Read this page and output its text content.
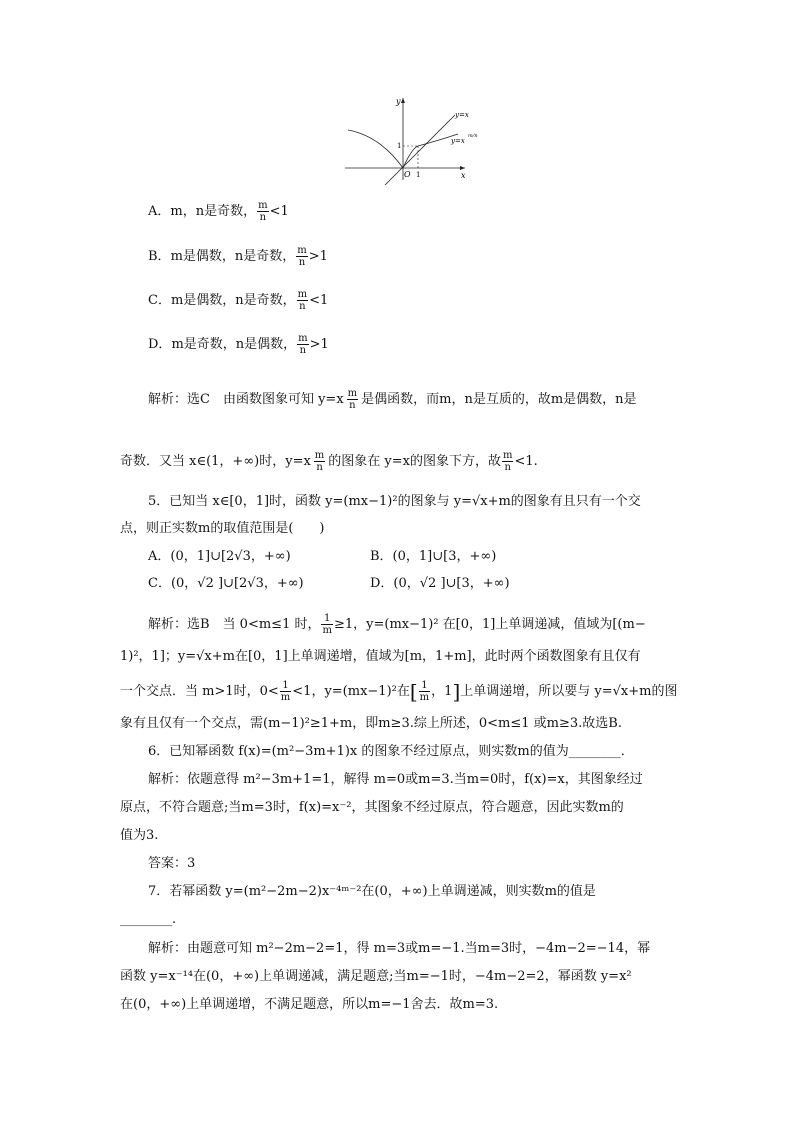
y
x
O 1
1
y=x
y=x
m/n
A．m，n是奇数， $\frac{m}{n} <1$
B．m是偶数，n是奇数， $\frac{m}{n} >1$
C．m是偶数，n是奇数， $\frac{m}{n} <1$
D．m是奇数，n是偶数， $\frac{m}{n} >1$
解析：选C　由函数图象可知 $y=x \frac{m}{n}$ 是偶函数，而m，n是互质的，故m是偶数，n是
奇数．又当 x∈(1，+∞)时，$y=x \frac{m}{n}$ 的图象在 y=x的图象下方，故 $\frac{m}{n} <1$.
5．已知当 x∈[0，1]时，函数 y=(mx−1)²的图象与 y=√x+m的图象有且只有一个交
点，则正实数m的取值范围是(　　)
A．(0，1]∪[2√3，+∞)	B．(0，1]∪[3，+∞)
C．(0，√2 ]∪[2√3，+∞)	D．(0，√2 ]∪[3，+∞)
解析：选B　当 0<m≤1 时， $\frac{1}{m} \ge 1$，y=(mx−1)² 在[0，1]上单调递减，值域为[(m−
1)²，1]；y=√x+m在[0，1]上单调递增，值域为[m，1+m]，此时两个函数图象有且仅有
一个交点．当 m>1时，$0< \frac{1}{m} <1$，y=(mx−1)²在[ $\frac{1}{m}$ ，1]上单调递增，所以要与 y=√x+m的图
象有且仅有一个交点，需(m−1)²≥1+m，即m≥3.综上所述，0<m≤1 或m≥3.故选B.
6．已知幂函数 f(x)=(m²−3m+1)x 的图象不经过原点，则实数m的值为________．
解析：依题意得 m²−3m+1=1，解得 m=0或m=3.当m=0时，f(x)=x，其图象经过
原点，不符合题意;当m=3时，f(x)=x⁻²，其图象不经过原点，符合题意，因此实数m的
值为3.
答案：3
7．若幂函数 y=(m²−2m−2)x⁻⁴ᵐ⁻²在(0，+∞)上单调递减，则实数m的值是
________.
解析：由题意可知 m²−2m−2=1，得 m=3或m=−1.当m=3时，−4m−2=−14，幂
函数 y=x⁻¹⁴在(0，+∞)上单调递减，满足题意;当m=−1时，−4m−2=2，幂函数 y=x²
在(0，+∞)上单调递增，不满足题意，所以m=−1舍去．故m=3.
